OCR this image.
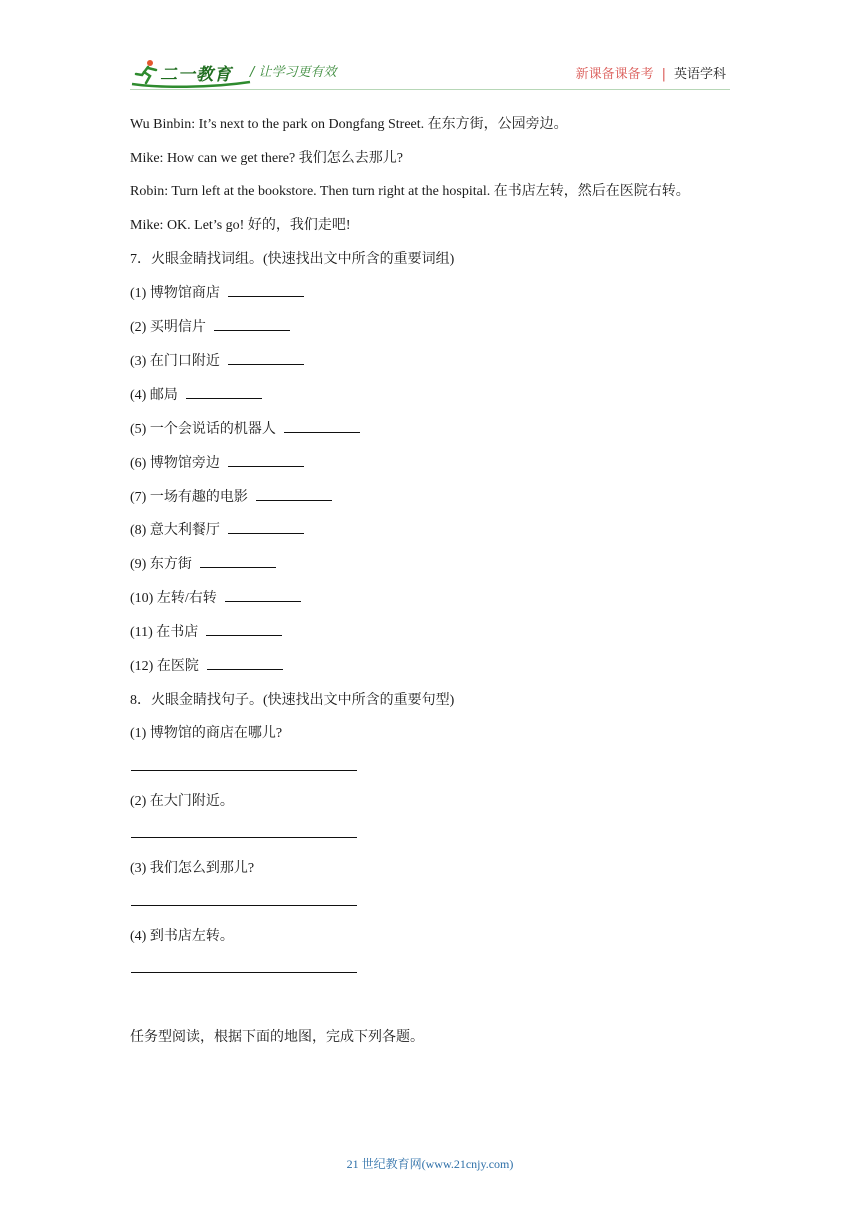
二一教育 / 让学习更有效	新课备课备考 | 英语学科
Wu Binbin: It’s next to the park on Dongfang Street. 在东方街，公园旁边。
Mike: How can we get there? 我们怎么去那儿?
Robin: Turn left at the bookstore. Then turn right at the hospital. 在书店左转，然后在医院右转。
Mike: OK. Let’s go! 好的，我们走吧!
7．火眼金睛找词组。(快速找出文中所含的重要词组)
(1) 博物馆商店
(2) 买明信片
(3) 在门口附近
(4) 邮局
(5) 一个会说话的机器人
(6) 博物馆旁边
(7) 一场有趣的电影
(8) 意大利餐厅
(9) 东方街
(10) 左转/右转
(11) 在书店
(12) 在医院
8．火眼金睛找句子。(快速找出文中所含的重要句型)
(1) 博物馆的商店在哪儿?
(2) 在大门附近。
(3) 我们怎么到那儿?
(4) 到书店左转。
任务型阅读，根据下面的地图，完成下列各题。
21 世纪教育网(www.21cnjy.com)
